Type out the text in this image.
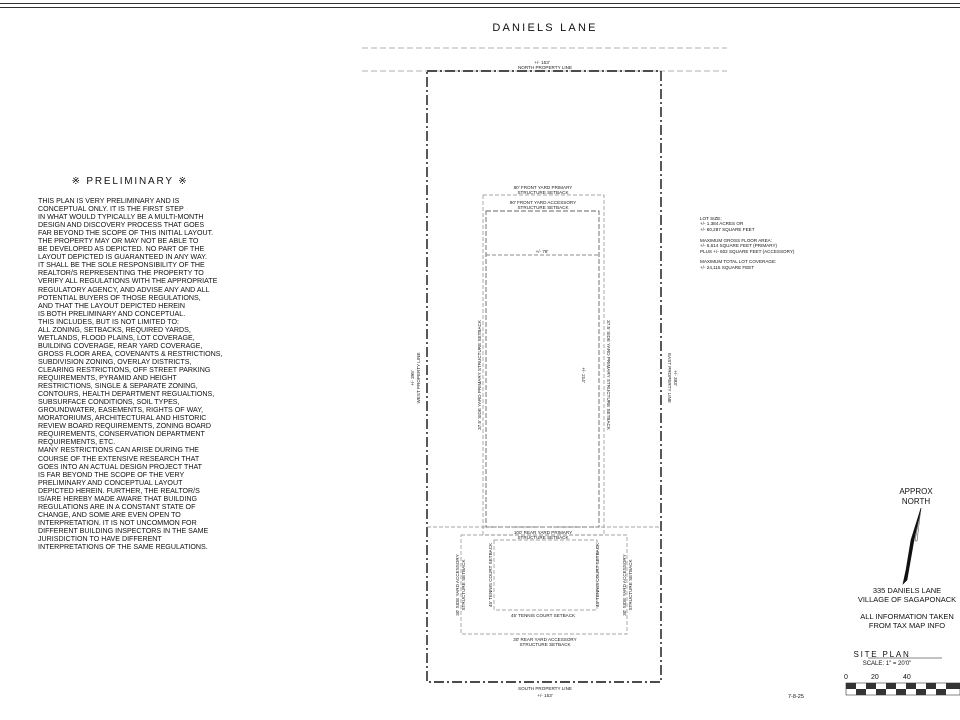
DANIELS LANE
※ PRELIMINARY ※
THIS PLAN IS VERY PRELIMINARY AND IS
CONCEPTUAL ONLY. IT IS THE FIRST STEP
IN WHAT WOULD TYPICALLY BE A MULTI-MONTH
DESIGN AND DISCOVERY PROCESS THAT GOES
FAR BEYOND THE SCOPE OF THIS INITIAL LAYOUT.
THE PROPERTY MAY OR MAY NOT BE ABLE TO
BE DEVELOPED AS DEPICTED. NO PART OF THE
LAYOUT DEPICTED IS GUARANTEED IN ANY WAY.
IT SHALL BE THE SOLE RESPONSIBILITY OF THE
REALTOR/S REPRESENTING THE PROPERTY TO
VERIFY ALL REGULATIONS WITH THE APPROPRIATE
REGULATORY AGENCY, AND ADVISE ANY AND ALL
POTENTIAL BUYERS OF THOSE REGULATIONS,
AND THAT THE LAYOUT DEPICTED HEREIN
IS BOTH PRELIMINARY AND CONCEPTUAL.
THIS INCLUDES, BUT IS NOT LIMITED TO:
ALL ZONING, SETBACKS, REQUIRED YARDS,
WETLANDS, FLOOD PLAINS, LOT COVERAGE,
BUILDING COVERAGE, REAR YARD COVERAGE,
GROSS FLOOR AREA, COVENANTS & RESTRICTIONS,
SUBDIVISION ZONING, OVERLAY DISTRICTS,
CLEARING RESTRICTIONS, OFF STREET PARKING
REQUIREMENTS, PYRAMID AND HEIGHT
RESTRICTIONS, SINGLE & SEPARATE ZONING,
CONTOURS, HEALTH DEPARTMENT REGUALTIONS,
SUBSURFACE CONDITIONS, SOIL TYPES,
GROUNDWATER, EASEMENTS, RIGHTS OF WAY,
MORATORIUMS, ARCHITECTURAL AND HISTORIC
REVIEW BOARD REQUIREMENTS, ZONING BOARD
REQUIREMENTS, CONSERVATION DEPARTMENT
REQUIREMENTS, ETC.
MANY RESTRICTIONS CAN ARISE DURING THE
COURSE OF THE EXTENSIVE RESEARCH THAT
GOES INTO AN ACTUAL DESIGN PROJECT THAT
IS FAR BEYOND THE SCOPE OF THE VERY
PRELIMINARY AND CONCEPTUAL LAYOUT
DEPICTED HEREIN. FURTHER, THE REALTOR/S
IS/ARE HEREBY MADE AWARE THAT BUILDING
REGULATIONS ARE IN A CONSTANT STATE OF
CHANGE, AND SOME ARE EVEN OPEN TO
INTERPRETATION. IT IS NOT UNCOMMON FOR
DIFFERENT BUILDING INSPECTORS IN THE SAME
JURISDICTION TO HAVE DIFFERENT
INTERPRETATIONS OF THE SAME REGULATIONS.

LOT SIZE:
+/- 1.384 ACRES OR
+/- 60,287 SQUARE FEET

MAXIMUM GROSS FLOOR AREA:
+/- 6,614 SQUARE FEET (PRIMARY)
PLUS +/- 602 SQUARE FEET (ACCESSORY)

MAXIMUM TOTAL LOT COVERAGE:
+/- 24,115 SQUARE FEET

+/- 153'
NORTH PROPERTY LINE
SOUTH PROPERTY LINE
+/- 153'
80' FRONT YARD PRIMARY
STRUCTURE SETBACK
90' FRONT YARD ACCESSORY
STRUCTURE SETBACK
+/- 78'
100' REAR YARD PRIMARY
STRUCTURE SETBACK
45' TENNIS COURT SETBACK
30' REAR YARD ACCESSORY
STRUCTURE SETBACK
WEST PROPERTY LINE
+/- 395'	EAST PROPERTY LINE +/- 393'
37.5' SIDE YARD PRIMARY STRUCTURE SETBACK	37.5' SIDE YARD PRIMARY STRUCTURE SETBACK
+/- 214'
45' TENNIS COURT SETBACK	45' TENNIS COURT SETBACK
30' SIDE YARD ACCESSORY STRUCTURE SETBACK	30' SIDE YARD ACCESSORY STRUCTURE SETBACK
APPROX
NORTH

335 DANIELS LANE

VILLAGE OF SAGAPONACK

ALL INFORMATION TAKEN

FROM TAX MAP INFO

SITE PLAN
SCALE: 1" = 20'0"
0	20	40
7-8-25
